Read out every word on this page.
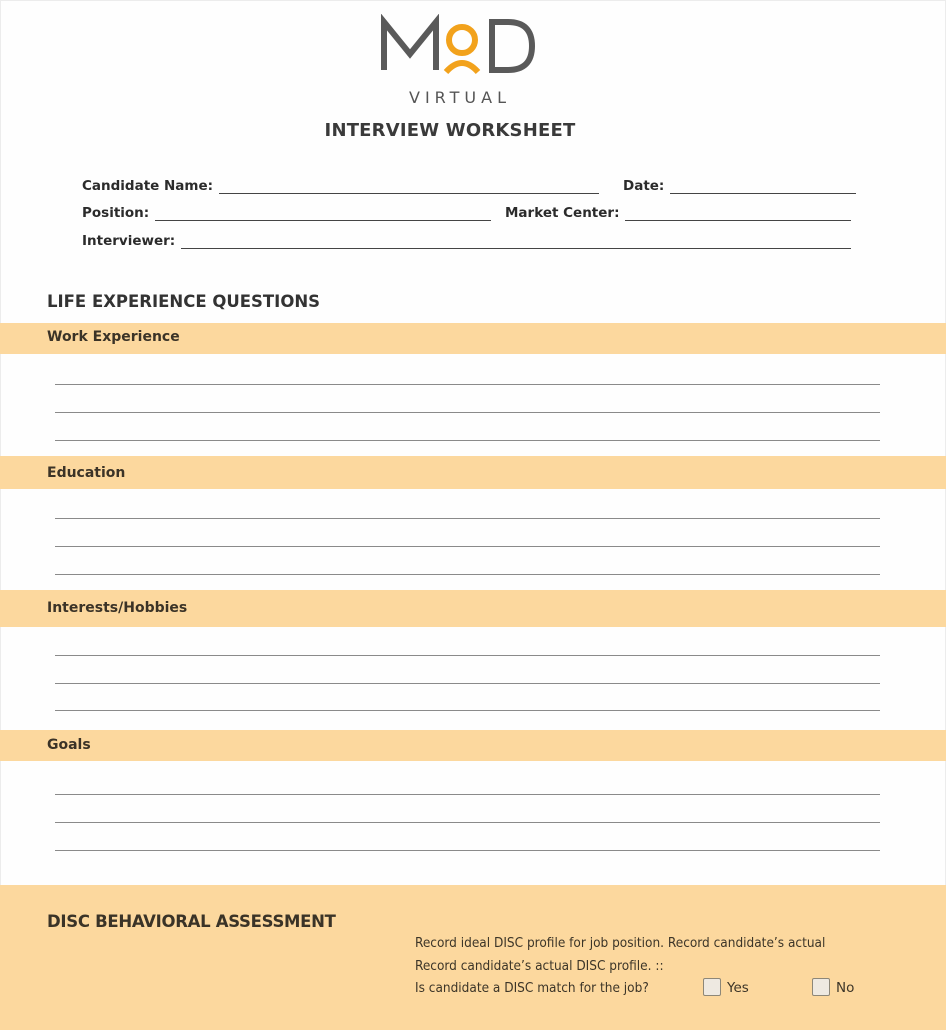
VIRTUAL
INTERVIEW WORKSHEET
Candidate Name:	Date:
Position:	Market Center:
Interviewer:
LIFE EXPERIENCE QUESTIONS
Work Experience
Education
Interests/Hobbies
Goals
DISC BEHAVIORAL ASSESSMENT
Record ideal DISC profile for job position. Record candidate’s actual
Record candidate’s actual DISC profile. ::
Is candidate a DISC match for the job?	Yes	No
